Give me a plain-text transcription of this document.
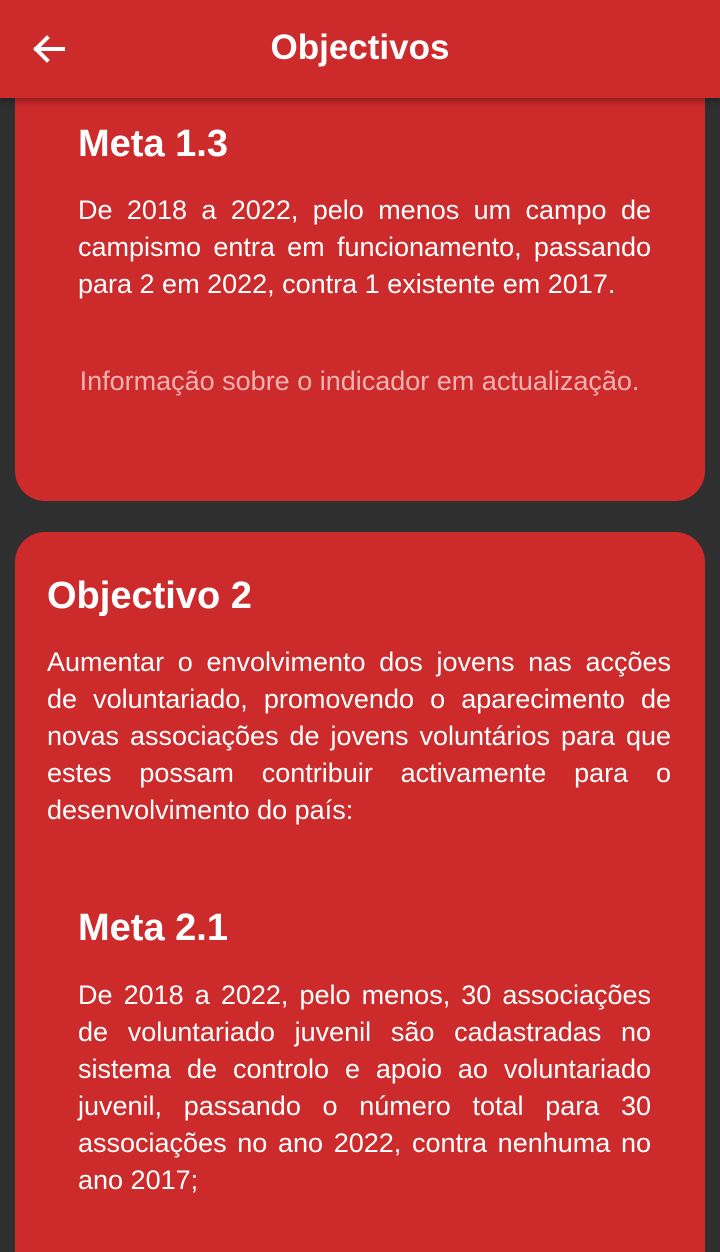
Meta 1.3

De 2018 a 2022, pelo menos um campo de campismo entra em funcionamento, passando para 2 em 2022, contra 1 existente em 2017.

Informação sobre o indicador em actualização.

Objectivo 2

Aumentar o envolvimento dos jovens nas acções de voluntariado, promovendo o aparecimento de novas associações de jovens voluntários para que estes possam contribuir activamente para o desenvolvimento do país:

Meta 2.1

De 2018 a 2022, pelo menos, 30 associações de voluntariado juvenil são cadastradas no sistema de controlo e apoio ao voluntariado juvenil, passando o número total para 30 associações no ano 2022, contra nenhuma no ano 2017;

Objectivos
